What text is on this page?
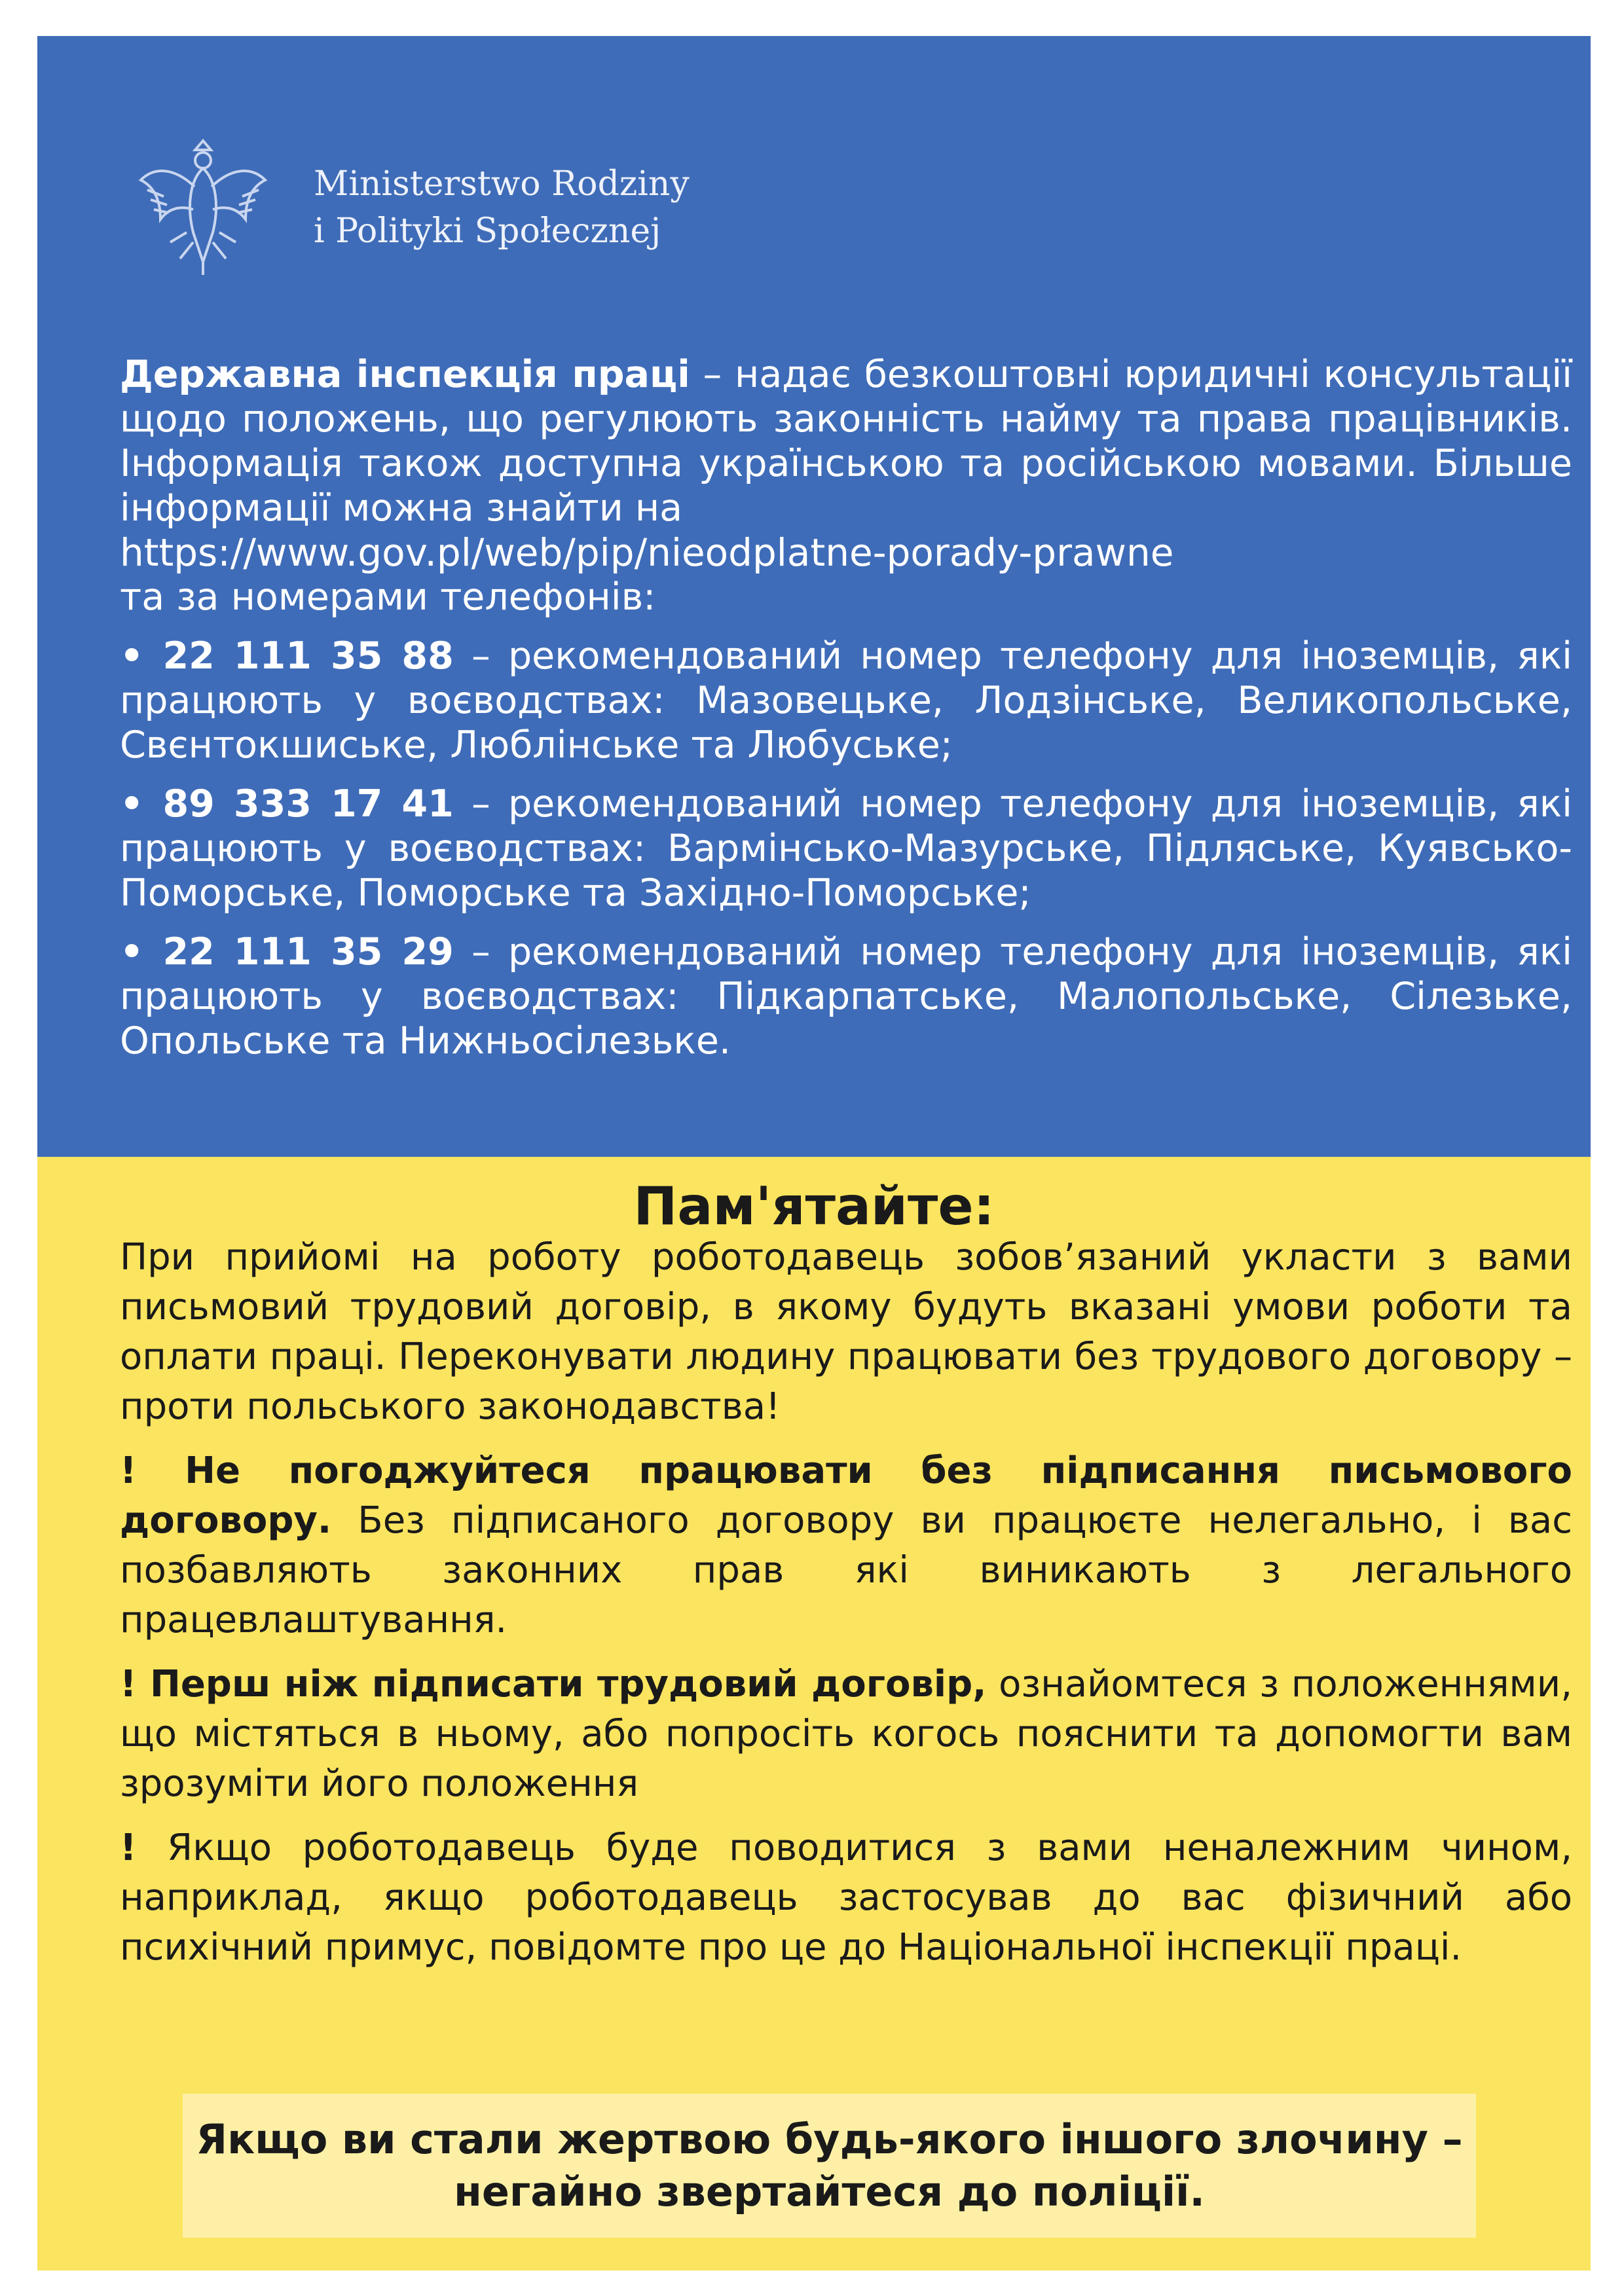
Ministerstwo Rodziny
i Polityki Społecznej

Державна інспекція праці – надає безкоштовні юридичні консультації щодо положень, що регулюють законність найму та права працівників. Інформація також доступна українською та російською мовами. Більше інформації можна знайти на

https://www.gov.pl/web/pip/nieodplatne-porady-prawne

та за номерами телефонів:

• 22 111 35 88 – рекомендований номер телефону для іноземців, які працюють у воєводствах: Мазовецьке, Лодзінське, Великопольське, Свєнтокшиське, Люблінське та Любуське;

• 89 333 17 41 – рекомендований номер телефону для іноземців, які працюють у воєводствах: Вармінсько-Мазурське, Підляське, Куявсько-Поморське, Поморське та Західно-Поморське;

• 22 111 35 29 – рекомендований номер телефону для іноземців, які працюють у воєводствах: Підкарпатське, Малопольське, Сілезьке, Опольське та Нижньосілезьке.

Пам'ятайте:

При прийомі на роботу роботодавець зобов’язаний укласти з вами письмовий трудовий договір, в якому будуть вказані умови роботи та оплати праці. Переконувати людину працювати без трудового договору – проти польського законодавства!

! Не погоджуйтеся працювати без підписання письмового договору. Без підписаного договору ви працюєте нелегально, і вас позбавляють законних прав які виникають з легального працевлаштування.

! Перш ніж підписати трудовий договір, ознайомтеся з положеннями, що містяться в ньому, або попросіть когось пояснити та допомогти вам зрозуміти його положення

! Якщо роботодавець буде поводитися з вами неналежним чином, наприклад, якщо роботодавець застосував до вас фізичний або психічний примус, повідомте про це до Національної інспекції праці.

Якщо ви стали жертвою будь-якого іншого злочину –
негайно звертайтеся до поліції.
